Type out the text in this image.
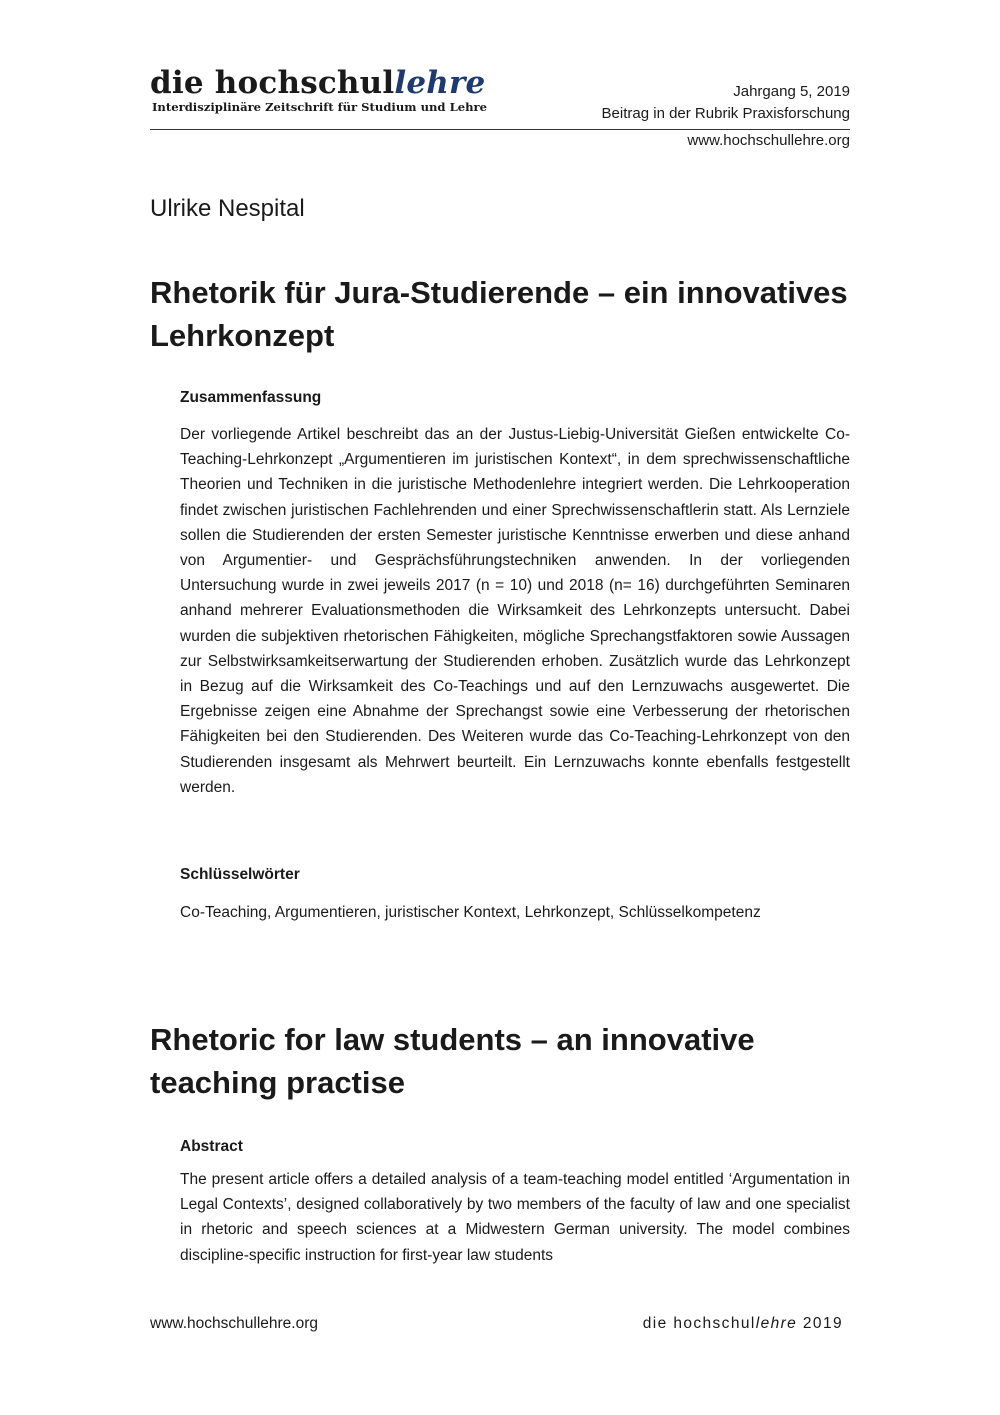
die hochschullehre
Interdisziplinäre Zeitschrift für Studium und Lehre
Jahrgang 5, 2019
Beitrag in der Rubrik Praxisforschung
www.hochschullehre.org
Ulrike Nespital
Rhetorik für Jura-Studierende – ein innovatives Lehrkonzept
Zusammenfassung

Der vorliegende Artikel beschreibt das an der Justus-Liebig-Universität Gießen entwickelte Co-Teaching-Lehrkonzept „Argumentieren im juristischen Kontext“, in dem sprechwissenschaftliche Theorien und Techniken in die juristische Methodenlehre integriert werden. Die Lehrkooperation findet zwischen juristischen Fachlehrenden und einer Sprechwissenschaftlerin statt. Als Lernziele sollen die Studierenden der ersten Semester juristische Kenntnisse erwerben und diese anhand von Argumentier- und Gesprächsführungstechniken anwenden. In der vorliegenden Untersuchung wurde in zwei jeweils 2017 (n = 10) und 2018 (n= 16) durchgeführten Seminaren anhand mehrerer Evaluationsmethoden die Wirksamkeit des Lehrkonzepts untersucht. Dabei wurden die subjektiven rhetorischen Fähigkeiten, mögliche Sprechangstfaktoren sowie Aussagen zur Selbstwirksamkeitserwartung der Studierenden erhoben. Zusätzlich wurde das Lehrkonzept in Bezug auf die Wirksamkeit des Co-Teachings und auf den Lernzuwachs ausgewertet. Die Ergebnisse zeigen eine Abnahme der Sprechangst sowie eine Verbesserung der rhetorischen Fähigkeiten bei den Studierenden. Des Weiteren wurde das Co-Teaching-Lehrkonzept von den Studierenden insgesamt als Mehrwert beurteilt. Ein Lernzuwachs konnte ebenfalls festgestellt werden.

Schlüsselwörter

Co-Teaching, Argumentieren, juristischer Kontext, Lehrkonzept, Schlüsselkompetenz

Rhetoric for law students – an innovative teaching practise
Abstract

The present article offers a detailed analysis of a team-teaching model entitled ‘Argumentation in Legal Contexts’, designed collaboratively by two members of the faculty of law and one specialist in rhetoric and speech sciences at a Midwestern German university. The model combines discipline-specific instruction for first-year law students

www.hochschullehre.org	die hochschullehre 2019
